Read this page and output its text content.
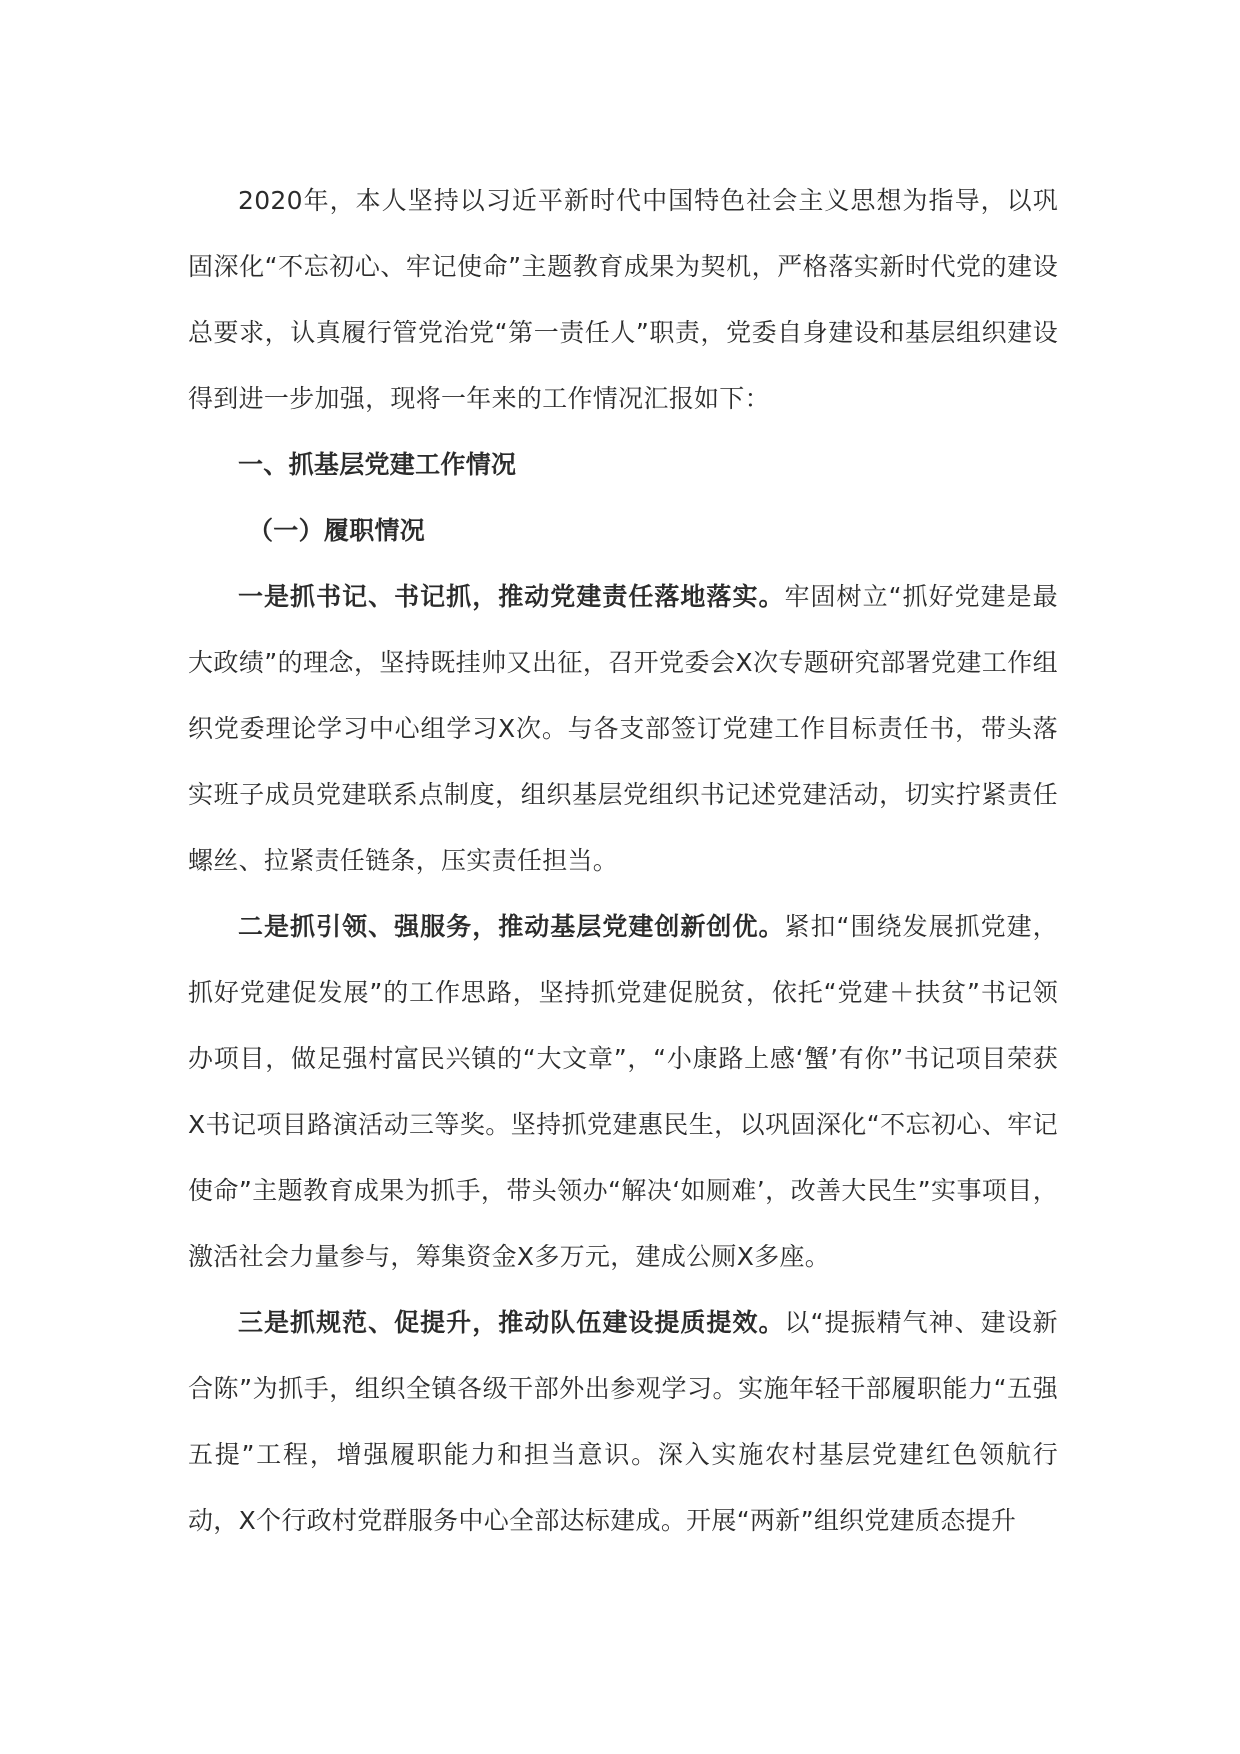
2020年，本人坚持以习近平新时代中国特色社会主义思想为指导，以巩固深化“不忘初心、牢记使命”主题教育成果为契机，严格落实新时代党的建设总要求，认真履行管党治党“第一责任人”职责，党委自身建设和基层组织建设得到进一步加强，现将一年来的工作情况汇报如下：

一、抓基层党建工作情况

（一）履职情况

一是抓书记、书记抓，推动党建责任落地落实。牢固树立“抓好党建是最大政绩”的理念，坚持既挂帅又出征，召开党委会X次专题研究部署党建工作组织党委理论学习中心组学习X次。与各支部签订党建工作目标责任书，带头落实班子成员党建联系点制度，组织基层党组织书记述党建活动，切实拧紧责任螺丝、拉紧责任链条，压实责任担当。

二是抓引领、强服务，推动基层党建创新创优。紧扣“围绕发展抓党建，抓好党建促发展”的工作思路，坚持抓党建促脱贫，依托“党建＋扶贫”书记领办项目，做足强村富民兴镇的“大文章”，“小康路上感‘蟹’有你”书记项目荣获X书记项目路演活动三等奖。坚持抓党建惠民生，以巩固深化“不忘初心、牢记使命”主题教育成果为抓手，带头领办“解决‘如厕难’，改善大民生”实事项目，激活社会力量参与，筹集资金X多万元，建成公厕X多座。

三是抓规范、促提升，推动队伍建设提质提效。以“提振精气神、建设新合陈”为抓手，组织全镇各级干部外出参观学习。实施年轻干部履职能力“五强五提”工程，增强履职能力和担当意识。深入实施农村基层党建红色领航行动，X个行政村党群服务中心全部达标建成。开展“两新”组织党建质态提升
